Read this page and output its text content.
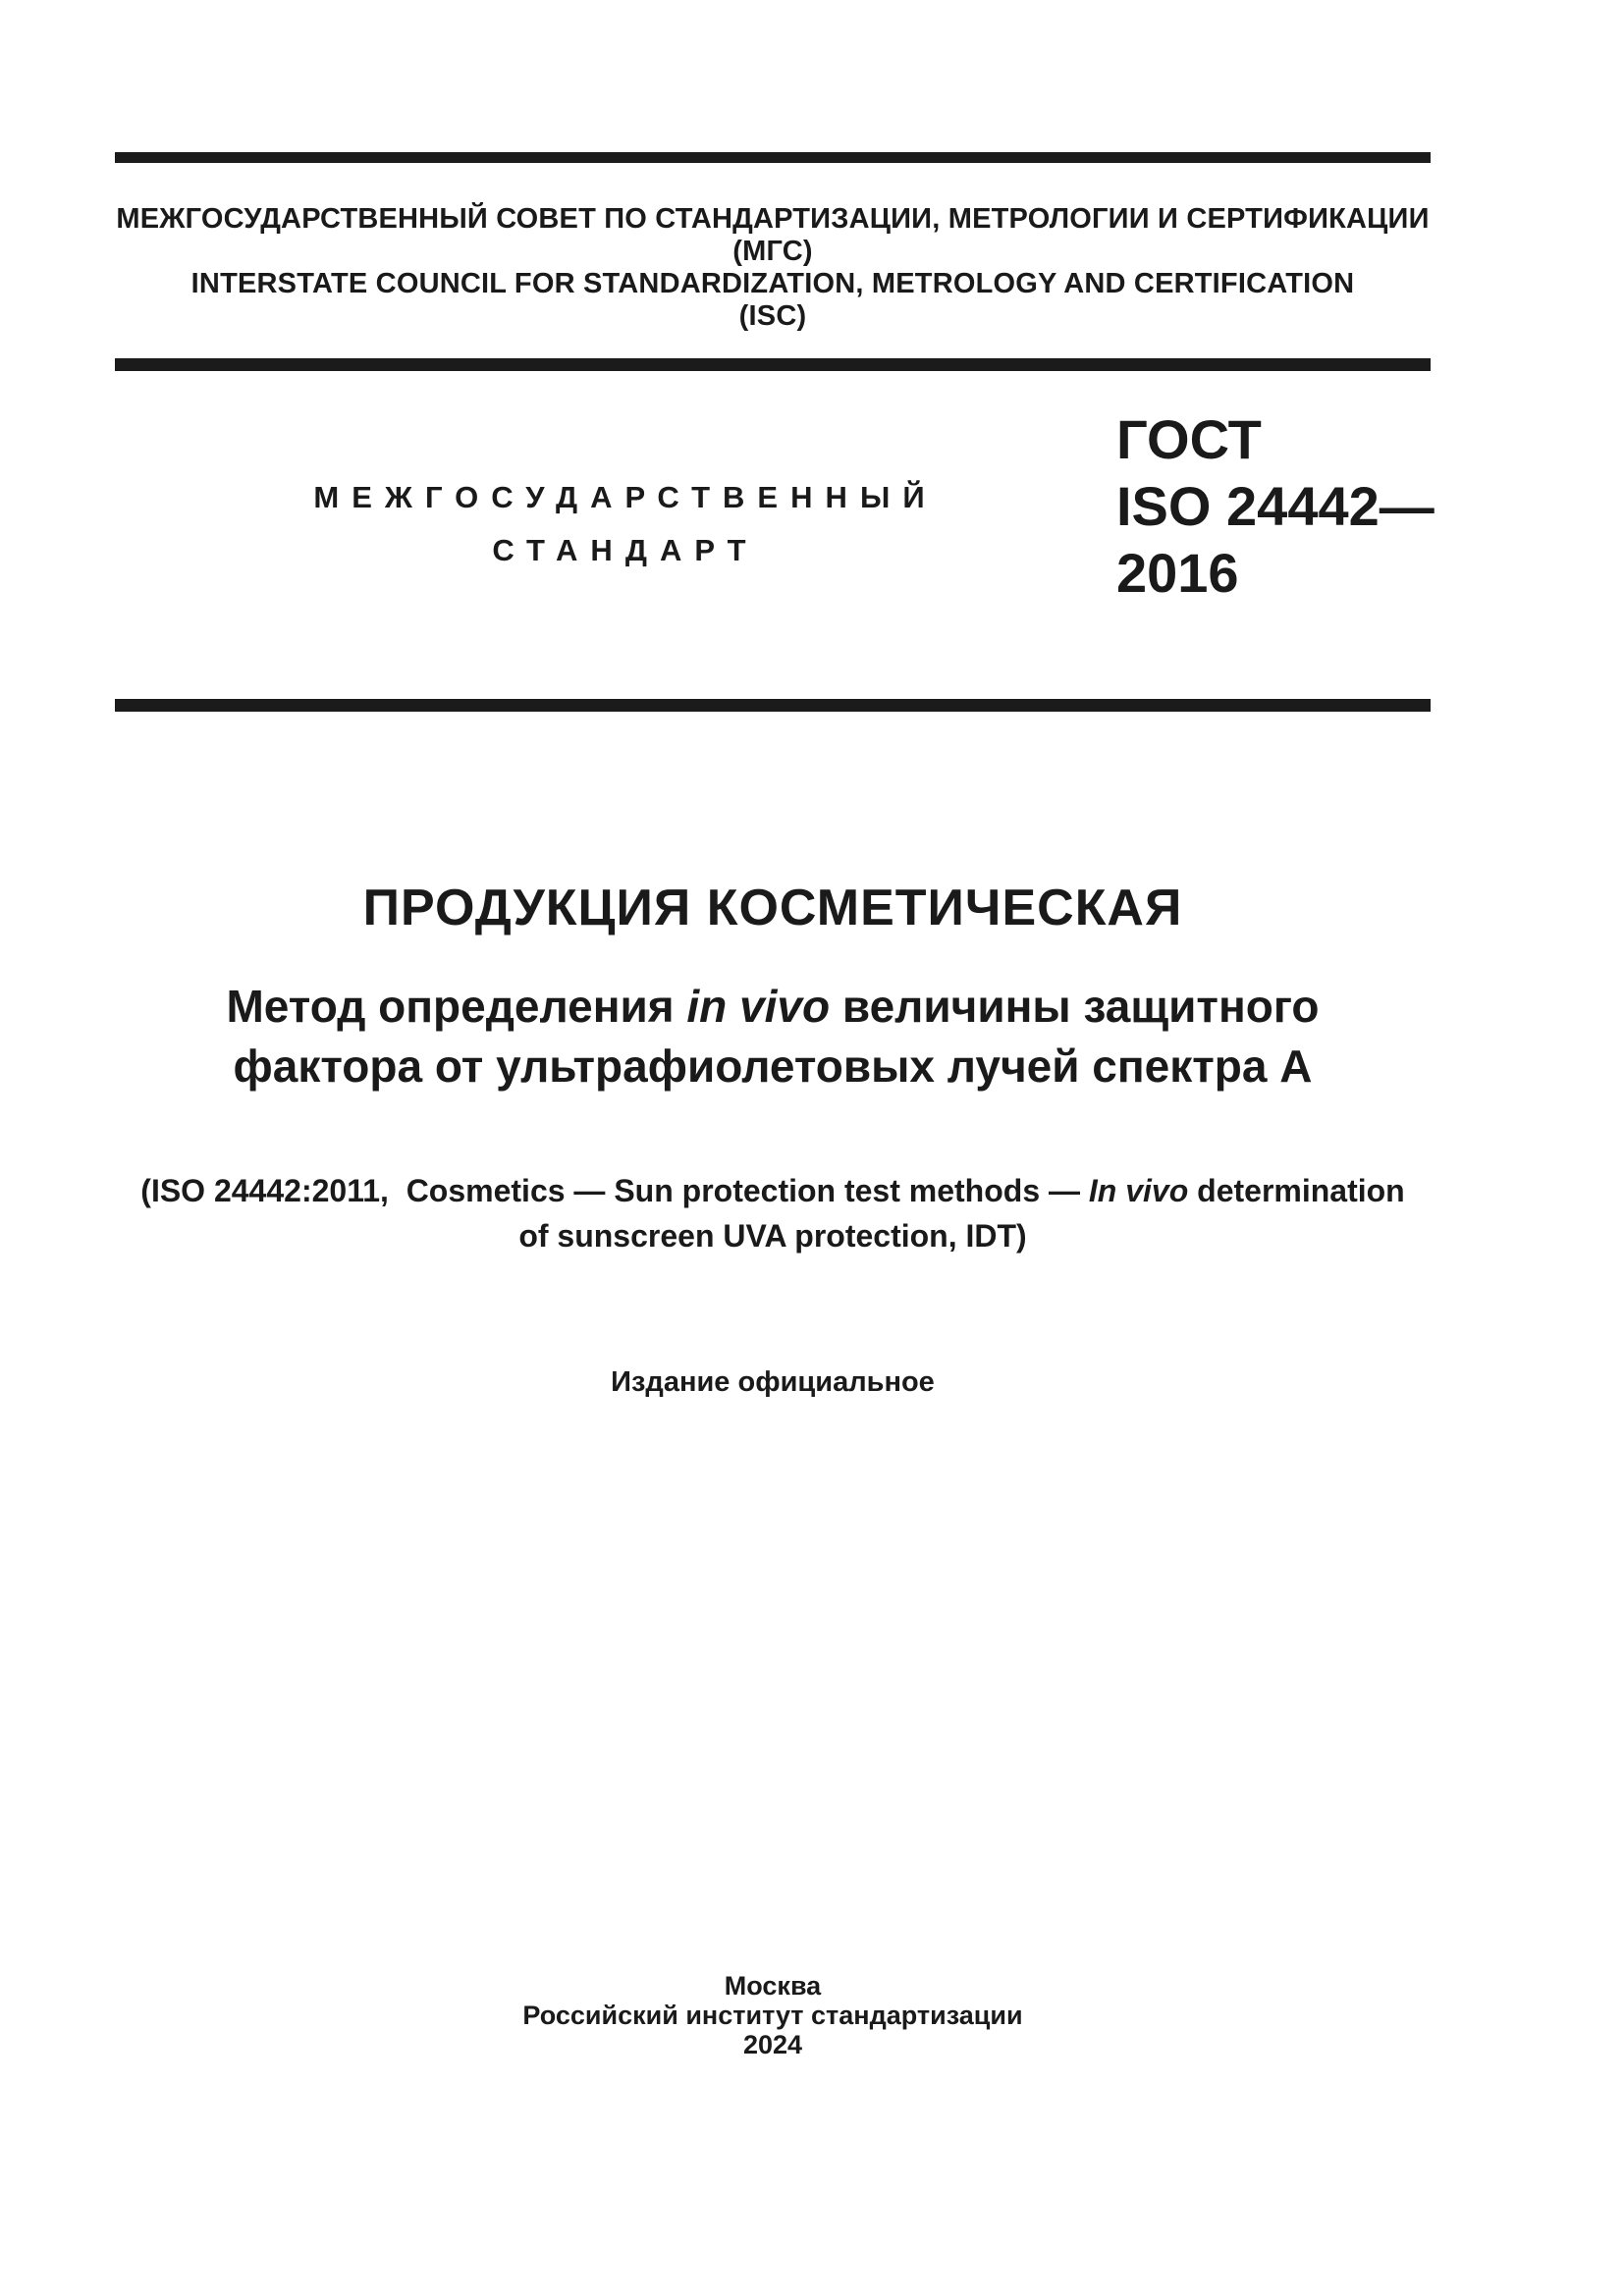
МЕЖГОСУДАРСТВЕННЫЙ СОВЕТ ПО СТАНДАРТИЗАЦИИ, МЕТРОЛОГИИ И СЕРТИФИКАЦИИ
(МГС)
INTERSTATE COUNCIL FOR STANDARDIZATION, METROLOGY AND CERTIFICATION
(ISC)
МЕЖГОСУДАРСТВЕННЫЙ
СТАНДАРТ
ГОСТ
ISO 24442—
2016
ПРОДУКЦИЯ КОСМЕТИЧЕСКАЯ
Метод определения in vivo величины защитного
фактора от ультрафиолетовых лучей спектра А
(ISO 24442:2011,  Cosmetics — Sun protection test methods — In vivo determination
of sunscreen UVA protection, IDT)
Издание официальное
Москва
Российский институт стандартизации
2024
